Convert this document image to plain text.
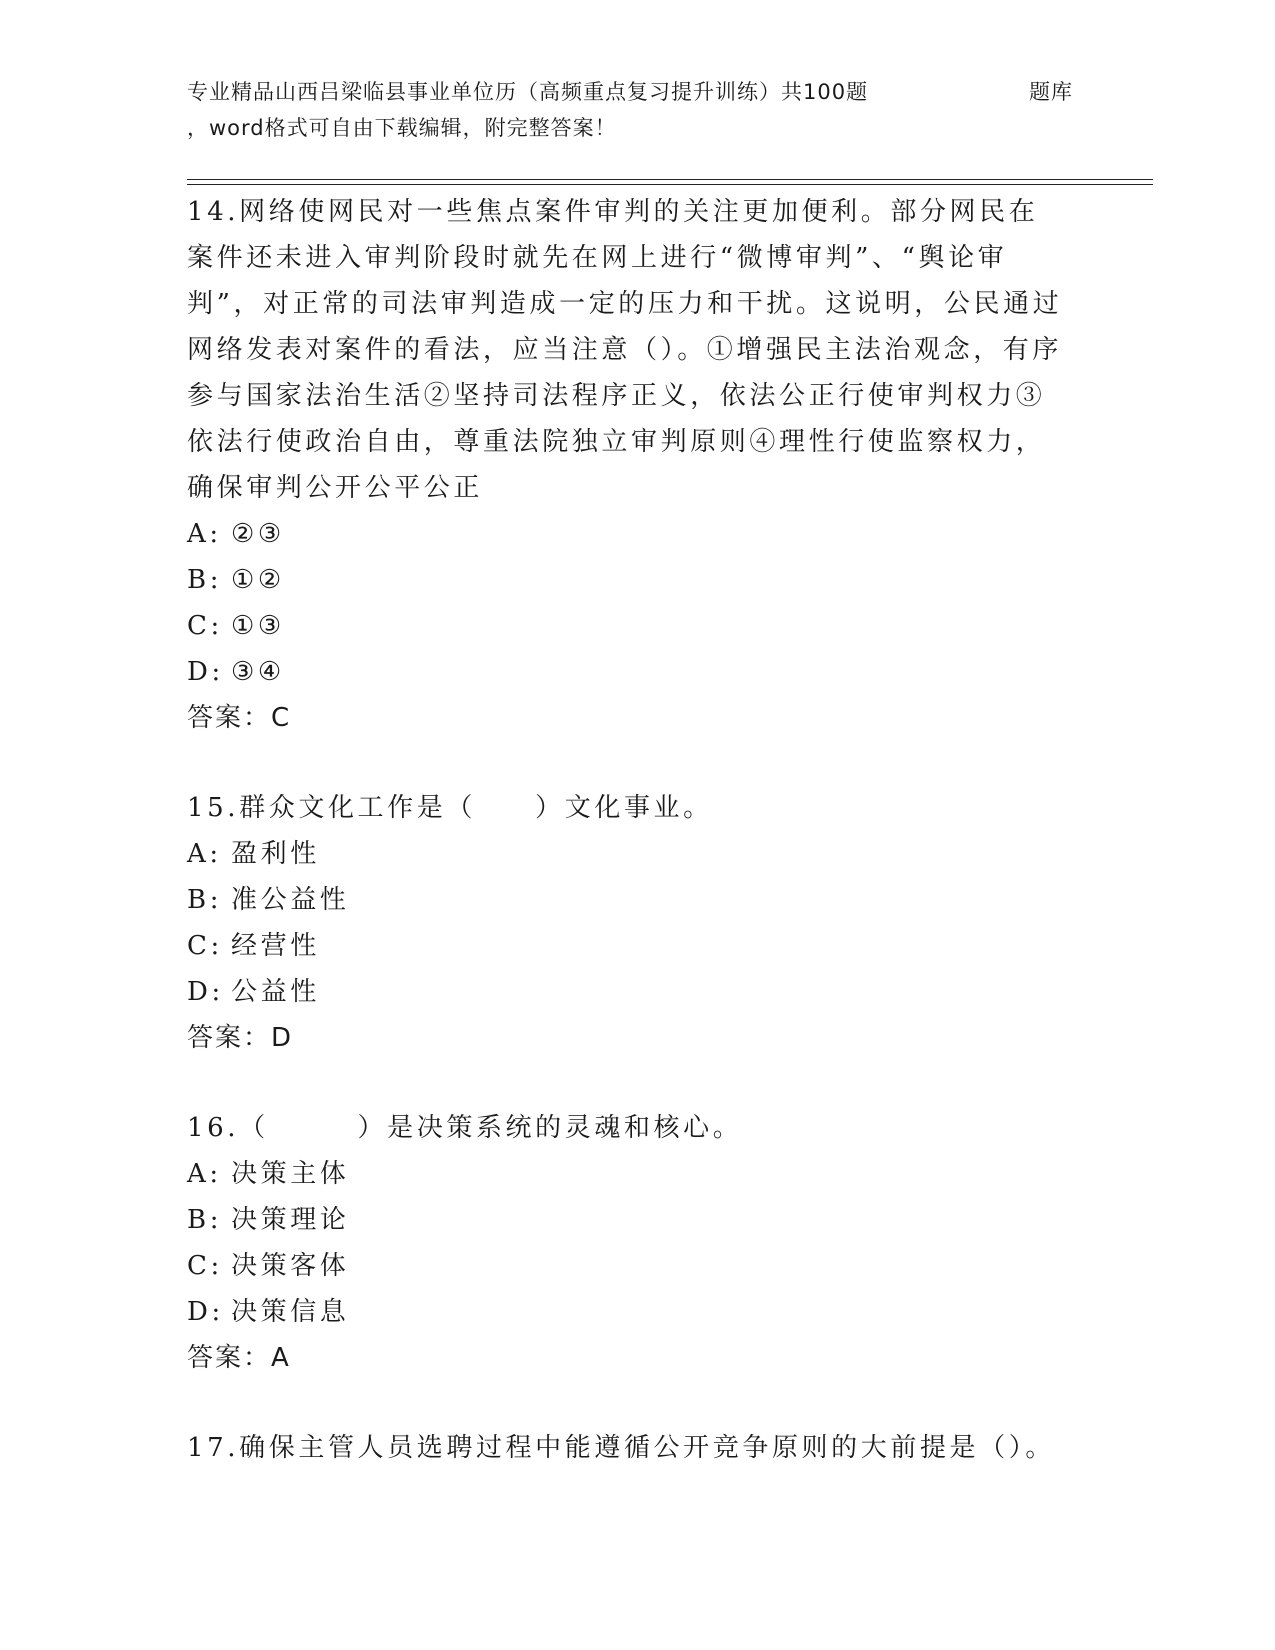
专业精品山西吕梁临县事业单位历（高频重点复习提升训练）共100题	题库
，word格式可自由下载编辑，附完整答案！
14.网络使网民对一些焦点案件审判的关注更加便利。部分网民在案件还未进入审判阶段时就先在网上进行“微博审判”、“舆论审判”，对正常的司法审判造成一定的压力和干扰。这说明，公民通过网络发表对案件的看法，应当注意（）。①增强民主法治观念，有序参与国家法治生活②坚持司法程序正义，依法公正行使审判权力③依法行使政治自由，尊重法院独立审判原则④理性行使监察权力，确保审判公开公平公正
A: ②③
B: ①②
C: ①③
D: ③④
答案：C
15.群众文化工作是（　　）文化事业。
A: 盈利性
B: 准公益性
C: 经营性
D: 公益性
答案：D
16.（　　　）是决策系统的灵魂和核心。
A: 决策主体
B: 决策理论
C: 决策客体
D: 决策信息
答案：A
17.确保主管人员选聘过程中能遵循公开竞争原则的大前提是（）。
